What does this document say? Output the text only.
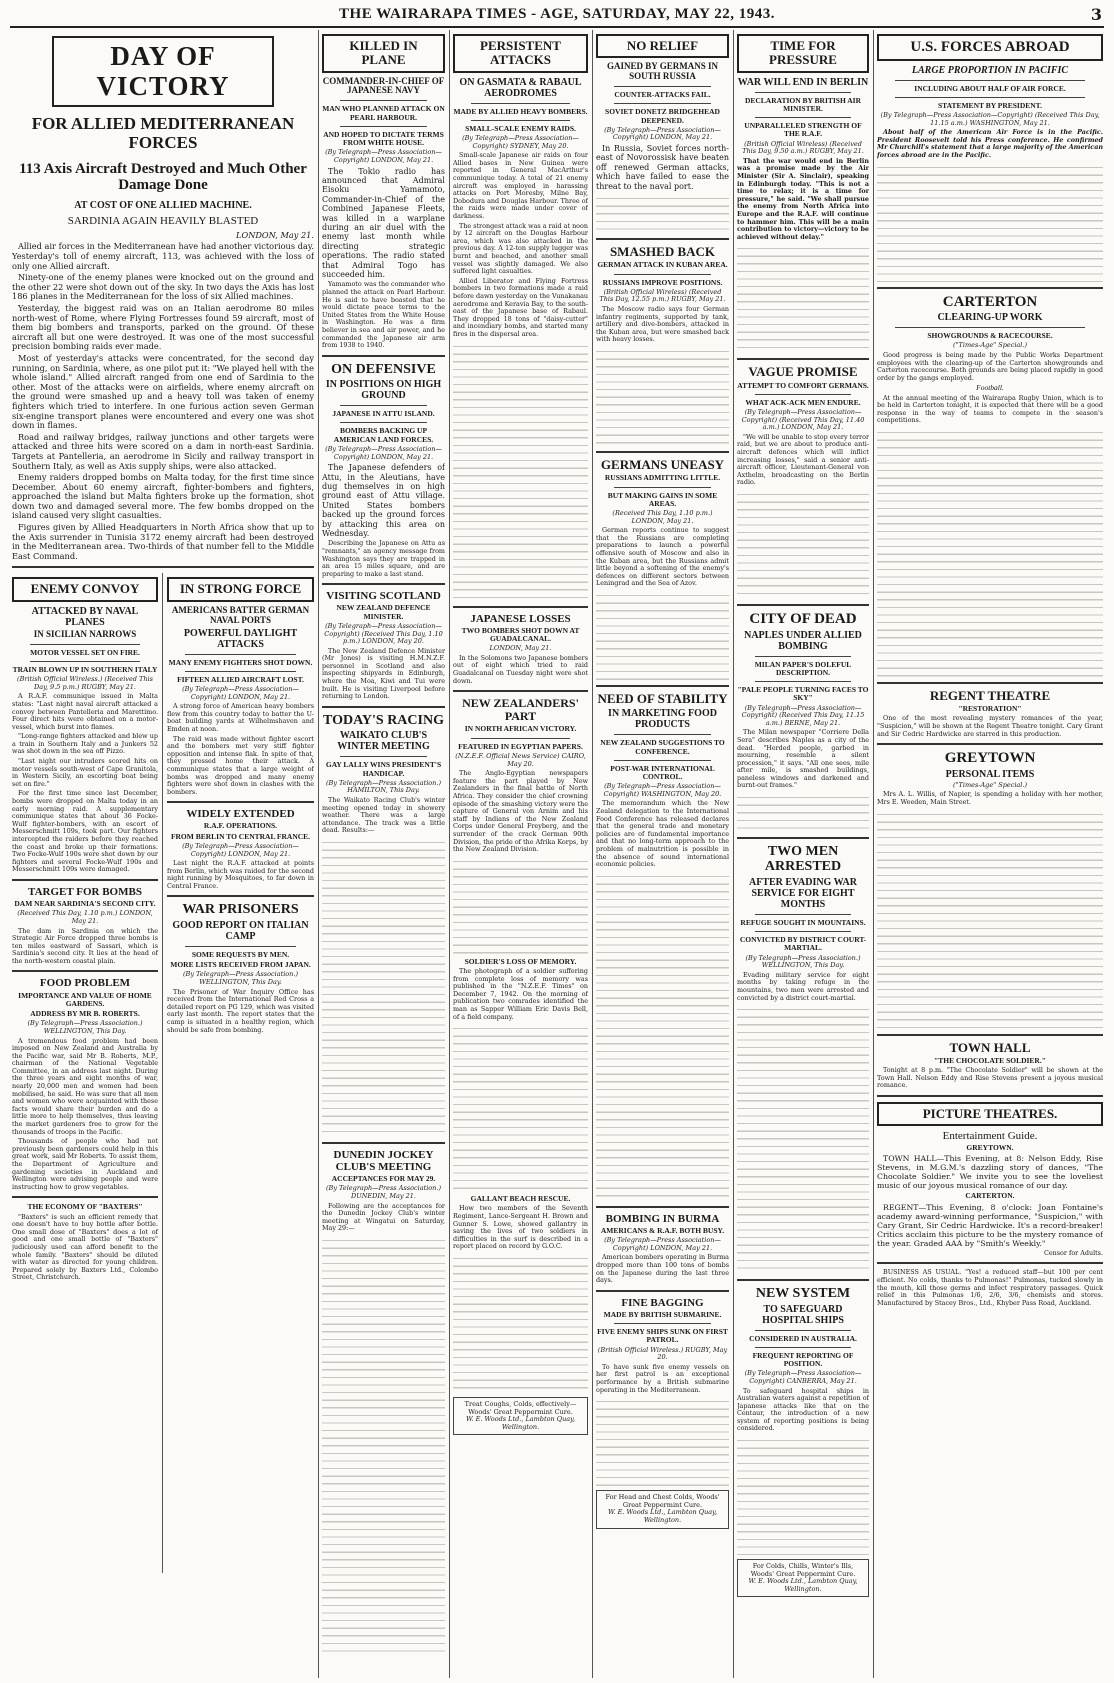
THE WAIRARAPA TIMES - AGE, SATURDAY, MAY 22, 1943.	3
DAY OF VICTORY
FOR ALLIED MEDITERRANEAN FORCES
113 Axis Aircraft Destroyed and Much Other Damage Done
AT COST OF ONE ALLIED MACHINE.
SARDINIA AGAIN HEAVILY BLASTED

LONDON, May 21.

Allied air forces in the Mediterranean have had another victorious day. Yesterday's toll of enemy aircraft, 113, was achieved with the loss of only one Allied aircraft.

Ninety-one of the enemy planes were knocked out on the ground and the other 22 were shot down out of the sky. In two days the Axis has lost 186 planes in the Mediterranean for the loss of six Allied machines.

Yesterday, the biggest raid was on an Italian aerodrome 80 miles north-west of Rome, where Flying Fortresses found 59 aircraft, most of them big bombers and transports, parked on the ground. Of these aircraft all but one were destroyed. It was one of the most successful precision bombing raids ever made.

Most of yesterday's attacks were concentrated, for the second day running, on Sardinia, where, as one pilot put it: "We played hell with the whole island." Allied aircraft ranged from one end of Sardinia to the other. Most of the attacks were on airfields, where enemy aircraft on the ground were smashed up and a heavy toll was taken of enemy fighters which tried to interfere. In one furious action seven German six-engine transport planes were encountered and every one was shot down in flames.

Road and railway bridges, railway junctions and other targets were attacked and three hits were scored on a dam in north-east Sardinia. Targets at Pantelleria, an aerodrome in Sicily and railway transport in Southern Italy, as well as Axis supply ships, were also attacked.

Enemy raiders dropped bombs on Malta today, for the first time since December. About 60 enemy aircraft, fighter-bombers and fighters, approached the island but Malta fighters broke up the formation, shot down two and damaged several more. The few bombs dropped on the island caused very slight casualties.

Figures given by Allied Headquarters in North Africa show that up to the Axis surrender in Tunisia 3172 enemy aircraft had been destroyed in the Mediterranean area. Two-thirds of that number fell to the Middle East Command.

ENEMY CONVOY
ATTACKED BY NAVAL PLANES
IN SICILIAN NARROWS
MOTOR VESSEL SET ON FIRE.
TRAIN BLOWN UP IN SOUTHERN ITALY
(British Official Wireless.) (Received This Day, 9.5 p.m.) RUGBY, May 21.

A R.A.F. communique issued in Malta states: "Last night naval aircraft attacked a convoy between Pantelleria and Marettimo. Four direct hits were obtained on a motor-vessel, which burst into flames.

"Long-range fighters attacked and blew up a train in Southern Italy and a Junkers 52 was shot down in the sea off Pizzo.

"Last night our intruders scored hits on motor vessels south-west of Cape Granitola, in Western Sicily, an escorting boat being set on fire."

For the first time since last December, bombs were dropped on Malta today in an early morning raid. A supplementary communique states that about 36 Focke-Wulf fighter-bombers, with an escort of Messerschmitt 109s, took part. Our fighters intercepted the raiders before they reached the coast and broke up their formations. Two Focke-Wulf 190s were shot down by our fighters and several Focke-Wulf 190s and Messerschmitt 109s were damaged.

TARGET FOR BOMBS
DAM NEAR SARDINIA'S SECOND CITY.
(Received This Day, 1.10 p.m.) LONDON, May 21.

The dam in Sardinia on which the Strategic Air Force dropped three bombs is ten miles eastward of Sassari, which is Sardinia's second city. It lies at the head of the north-western coastal plain.

FOOD PROBLEM
IMPORTANCE AND VALUE OF HOME GARDENS.
ADDRESS BY MR B. ROBERTS.
(By Telegraph—Press Association.) WELLINGTON, This Day.

A tremendous food problem had been imposed on New Zealand and Australia by the Pacific war, said Mr B. Roberts, M.P., chairman of the National Vegetable Committee, in an address last night. During the three years and eight months of war, nearly 20,000 men and women had been mobilised, he said. He was sure that all men and women who were acquainted with these facts would share their burden and do a little more to help themselves, thus leaving the market gardeners free to grow for the thousands of troops in the Pacific.

Thousands of people who had not previously been gardeners could help in this great work, said Mr Roberts. To assist them, the Department of Agriculture and gardening societies in Auckland and Wellington were advising people and were instructing how to grow vegetables.

THE ECONOMY OF "BAXTERS"

"Baxters" is such an efficient remedy that one doesn't have to buy bottle after bottle. One small dose of "Baxters" does a lot of good and one small bottle of "Baxters" judiciously used can afford benefit to the whole family. "Baxters" should be diluted with water as directed for young children. Prepared solely by Baxters Ltd., Colombo Street, Christchurch.

IN STRONG FORCE
AMERICANS BATTER GERMAN NAVAL PORTS
POWERFUL DAYLIGHT ATTACKS
MANY ENEMY FIGHTERS SHOT DOWN.
FIFTEEN ALLIED AIRCRAFT LOST.
(By Telegraph—Press Association—Copyright) LONDON, May 21.

A strong force of American heavy bombers flew from this country today to batter the U-boat building yards at Wilhelmshaven and Emden at noon.

The raid was made without fighter escort and the bombers met very stiff fighter opposition and intense flak. In spite of that, they pressed home their attack. A communique states that a large weight of bombs was dropped and many enemy fighters were shot down in clashes with the bombers.

WIDELY EXTENDED
R.A.F. OPERATIONS.
FROM BERLIN TO CENTRAL FRANCE.
(By Telegraph—Press Association—Copyright) LONDON, May 21.

Last night the R.A.F. attacked at points from Berlin, which was raided for the second night running by Mosquitoes, to far down in Central France.

WAR PRISONERS
GOOD REPORT ON ITALIAN CAMP
SOME REQUESTS BY MEN.
MORE LISTS RECEIVED FROM JAPAN.
(By Telegraph—Press Association.) WELLINGTON, This Day.

The Prisoner of War Inquiry Office has received from the International Red Cross a detailed report on PG 129, which was visited early last month. The report states that the camp is situated in a healthy region, which should be safe from bombing.

KILLED IN PLANE
COMMANDER-IN-CHIEF OF JAPANESE NAVY
MAN WHO PLANNED ATTACK ON PEARL HARBOUR.
AND HOPED TO DICTATE TERMS FROM WHITE HOUSE.
(By Telegraph—Press Association—Copyright) LONDON, May 21.

The Tokio radio has announced that Admiral Eisoku Yamamoto, Commander-in-Chief of the Combined Japanese Fleets, was killed in a warplane during an air duel with the enemy last month while directing strategic operations. The radio stated that Admiral Togo has succeeded him.

Yamamoto was the commander who planned the attack on Pearl Harbour. He is said to have boasted that he would dictate peace terms to the United States from the White House in Washington. He was a firm believer in sea and air power, and he commanded the Japanese air arm from 1938 to 1940.

ON DEFENSIVE
IN POSITIONS ON HIGH GROUND
JAPANESE IN ATTU ISLAND.
BOMBERS BACKING UP AMERICAN LAND FORCES.
(By Telegraph—Press Association—Copyright) LONDON, May 21.

The Japanese defenders of Attu, in the Aleutians, have dug themselves in on high ground east of Attu village. United States bombers backed up the ground forces by attacking this area on Wednesday.

Describing the Japanese on Attu as "remnants," an agency message from Washington says they are trapped in an area 15 miles square, and are preparing to make a last stand.

VISITING SCOTLAND
NEW ZEALAND DEFENCE MINISTER.
(By Telegraph—Press Association—Copyright) (Received This Day, 1.10 p.m.) LONDON, May 20.

The New Zealand Defence Minister (Mr Jones) is visiting H.M.N.Z.F. personnel in Scotland and also inspecting shipyards in Edinburgh, where the Moa, Kiwi and Tui were built. He is visiting Liverpool before returning to London.

TODAY'S RACING
WAIKATO CLUB'S WINTER MEETING
GAY LALLY WINS PRESIDENT'S HANDICAP.
(By Telegraph—Press Association.) HAMILTON, This Day.

The Waikato Racing Club's winter meeting opened today in showery weather. There was a large attendance. The track was a little dead. Results:—

DUNEDIN JOCKEY CLUB'S MEETING
ACCEPTANCES FOR MAY 29.
(By Telegraph—Press Association.) DUNEDIN, May 21.

Following are the acceptances for the Dunedin Jockey Club's winter meeting at Wingatui on Saturday, May 29:—

PERSISTENT ATTACKS
ON GASMATA & RABAUL AERODROMES
MADE BY ALLIED HEAVY BOMBERS.
SMALL-SCALE ENEMY RAIDS.
(By Telegraph—Press Association—Copyright) SYDNEY, May 20.

Small-scale Japanese air raids on four Allied bases in New Guinea were reported in General MacArthur's communique today. A total of 21 enemy aircraft was employed in harassing attacks on Port Moresby, Milne Bay, Dobodura and Douglas Harbour. Three of the raids were made under cover of darkness.

The strongest attack was a raid at noon by 12 aircraft on the Douglas Harbour area, which was also attacked in the previous day. A 12-ton supply lugger was burnt and beached, and another small vessel was slightly damaged. We also suffered light casualties.

Allied Liberator and Flying Fortress bombers in two formations made a raid before dawn yesterday on the Vunakanau aerodrome and Keravia Bay, to the south-east of the Japanese base of Rabaul. They dropped 18 tons of "daisy-cutter" and incendiary bombs, and started many fires in the dispersal area.

JAPANESE LOSSES
TWO BOMBERS SHOT DOWN AT GUADALCANAL.
LONDON, May 21.

In the Solomons two Japanese bombers out of eight which tried to raid Guadalcanal on Tuesday night were shot down.

NEW ZEALANDERS' PART
IN NORTH AFRICAN VICTORY.
FEATURED IN EGYPTIAN PAPERS.
(N.Z.E.F. Official News Service) CAIRO, May 20.

The Anglo-Egyptian newspapers feature the part played by New Zealanders in the final battle of North Africa. They consider the chief crowning episode of the smashing victory were the capture of General von Arnim and his staff by Indians of the New Zealand Corps under General Freyberg, and the surrender of the crack German 90th Division, the pride of the Afrika Korps, by the New Zealand Division.

SOLDIER'S LOSS OF MEMORY.

The photograph of a soldier suffering from complete loss of memory was published in the "N.Z.E.F. Times" on December 7, 1942. On the morning of publication two comrades identified the man as Sapper William Eric Davis Bell, of a field company.

GALLANT BEACH RESCUE.

How two members of the Seventh Regiment, Lance-Sergeant H. Brown and Gunner S. Lowe, showed gallantry in saving the lives of two soldiers in difficulties in the surf is described in a report placed on record by G.O.C.

Treat Coughs, Colds, effectively—Woods' Great Peppermint Cure.
W. E. Woods Ltd., Lambton Quay, Wellington.
NO RELIEF
GAINED BY GERMANS IN SOUTH RUSSIA
COUNTER-ATTACKS FAIL.
SOVIET DONETZ BRIDGEHEAD DEEPENED.
(By Telegraph—Press Association—Copyright) LONDON, May 21.

In Russia, Soviet forces north-east of Novorossisk have beaten off renewed German attacks, which have failed to ease the threat to the naval port.

SMASHED BACK
GERMAN ATTACK IN KUBAN AREA.
RUSSIANS IMPROVE POSITIONS.
(British Official Wireless) (Received This Day, 12.55 p.m.) RUGBY, May 21.

The Moscow radio says four German infantry regiments, supported by tank, artillery and dive-bombers, attacked in the Kuban area, but were smashed back with heavy losses.

GERMANS UNEASY
RUSSIANS ADMITTING LITTLE.
BUT MAKING GAINS IN SOME AREAS.
(Received This Day, 1.10 p.m.) LONDON, May 21.

German reports continue to suggest that the Russians are completing preparations to launch a powerful offensive south of Moscow and also in the Kuban area, but the Russians admit little beyond a softening of the enemy's defences on different sectors between Leningrad and the Sea of Azov.

NEED OF STABILITY
IN MARKETING FOOD PRODUCTS
NEW ZEALAND SUGGESTIONS TO CONFERENCE.
POST-WAR INTERNATIONAL CONTROL.
(By Telegraph—Press Association—Copyright) WASHINGTON, May 20.

The memorandum which the New Zealand delegation to the International Food Conference has released declares that the general trade and monetary policies are of fundamental importance and that no long-term approach to the problem of malnutrition is possible in the absence of sound international economic policies.

BOMBING IN BURMA
AMERICANS & R.A.F. BOTH BUSY.
(By Telegraph—Press Association—Copyright) LONDON, May 21.

American bombers operating in Burma dropped more than 100 tons of bombs on the Japanese during the last three days.

FINE BAGGING
MADE BY BRITISH SUBMARINE.
FIVE ENEMY SHIPS SUNK ON FIRST PATROL.
(British Official Wireless.) RUGBY, May 20.

To have sunk five enemy vessels on her first patrol is an exceptional performance by a British submarine operating in the Mediterranean.

For Head and Chest Colds, Woods' Great Peppermint Cure.
W. E. Woods Ltd., Lambton Quay, Wellington.
TIME FOR PRESSURE
WAR WILL END IN BERLIN
DECLARATION BY BRITISH AIR MINISTER.
UNPARALLELED STRENGTH OF THE R.A.F.
(British Official Wireless) (Received This Day, 9.50 a.m.) RUGBY, May 21.

That the war would end in Berlin was a promise made by the Air Minister (Sir A. Sinclair), speaking in Edinburgh today. "This is not a time to relax; it is a time for pressure," he said. "We shall pursue the enemy from North Africa into Europe and the R.A.F. will continue to hammer him. This will be a main contribution to victory—victory to be achieved without delay."

VAGUE PROMISE
ATTEMPT TO COMFORT GERMANS.
WHAT ACK-ACK MEN ENDURE.
(By Telegraph—Press Association—Copyright) (Received This Day, 11.40 a.m.) LONDON, May 21.

"We will be unable to stop every terror raid, but we are about to produce anti-aircraft defences which will inflict increasing losses," said a senior anti-aircraft officer, Lieutenant-General von Axthelm, broadcasting on the Berlin radio.

CITY OF DEAD
NAPLES UNDER ALLIED BOMBING
MILAN PAPER'S DOLEFUL DESCRIPTION.
"PALE PEOPLE TURNING FACES TO SKY"
(By Telegraph—Press Association—Copyright) (Received This Day, 11.15 a.m.) BERNE, May 21.

The Milan newspaper "Corriere Della Sera" describes Naples as a city of the dead. "Herded people, garbed in mourning, resemble a silent procession," it says. "All one sees, mile after mile, is smashed buildings, paneless windows and darkened and burnt-out frames."

TWO MEN ARRESTED
AFTER EVADING WAR SERVICE FOR EIGHT MONTHS
REFUGE SOUGHT IN MOUNTAINS.
CONVICTED BY DISTRICT COURT-MARTIAL.
(By Telegraph—Press Association.) WELLINGTON, This Day.

Evading military service for eight months by taking refuge in the mountains, two men were arrested and convicted by a district court-martial.

NEW SYSTEM
TO SAFEGUARD HOSPITAL SHIPS
CONSIDERED IN AUSTRALIA.
FREQUENT REPORTING OF POSITION.
(By Telegraph—Press Association—Copyright) CANBERRA, May 21.

To safeguard hospital ships in Australian waters against a repetition of Japanese attacks like that on the Centaur, the introduction of a new system of reporting positions is being considered.

For Colds, Chills, Winter's Ills, Woods' Great Peppermint Cure.
W. E. Woods Ltd., Lambton Quay, Wellington.
U.S. FORCES ABROAD
LARGE PROPORTION IN PACIFIC
INCLUDING ABOUT HALF OF AIR FORCE.
STATEMENT BY PRESIDENT.
(By Telegraph—Press Association—Copyright) (Received This Day, 11.15 a.m.) WASHINGTON, May 21.

About half of the American Air Force is in the Pacific. President Roosevelt told his Press conference. He confirmed Mr Churchill's statement that a large majority of the American forces abroad are in the Pacific.

CARTERTON
CLEARING-UP WORK
SHOWGROUNDS & RACECOURSE.
("Times-Age" Special.)

Good progress is being made by the Public Works Department employees with the clearing-up of the Carterton showgrounds and Carterton racecourse. Both grounds are being placed rapidly in good order by the gangs employed.

Football.

At the annual meeting of the Wairarapa Rugby Union, which is to be held in Carterton tonight, it is expected that there will be a good response in the way of teams to compete in the season's competitions.

REGENT THEATRE
"RESTORATION"

One of the most revealing mystery romances of the year, "Suspicion," will be shown at the Regent Theatre tonight. Cary Grant and Sir Cedric Hardwicke are starred in this production.

GREYTOWN
PERSONAL ITEMS
("Times-Age" Special.)

Mrs A. L. Willis, of Napier, is spending a holiday with her mother, Mrs E. Weeden, Main Street.

TOWN HALL
"THE CHOCOLATE SOLDIER."

Tonight at 8 p.m. "The Chocolate Soldier" will be shown at the Town Hall. Nelson Eddy and Rise Stevens present a joyous musical romance.

PICTURE THEATRES.
Entertainment Guide.
GREYTOWN.

TOWN HALL—This Evening, at 8: Nelson Eddy, Rise Stevens, in M.G.M.'s dazzling story of dances, "The Chocolate Soldier." We invite you to see the loveliest music of our joyous musical romance of our day.

CARTERTON.

REGENT—This Evening, 8 o'clock: Joan Fontaine's academy award-winning performance, "Suspicion," with Cary Grant, Sir Cedric Hardwicke. It's a record-breaker! Critics acclaim this picture to be the mystery romance of the year. Graded AAA by "Smith's Weekly."

Censor for Adults.

BUSINESS AS USUAL. "Yes! a reduced staff—but 100 per cent efficient. No colds, thanks to Pulmonas!" Pulmonas, tucked slowly in the mouth, kill those germs and infect respiratory passages. Quick relief in this Pulmonas 1/6, 2/6, 3/6, chemists and stores. Manufactured by Stacey Bros., Ltd., Khyber Pass Road, Auckland.
